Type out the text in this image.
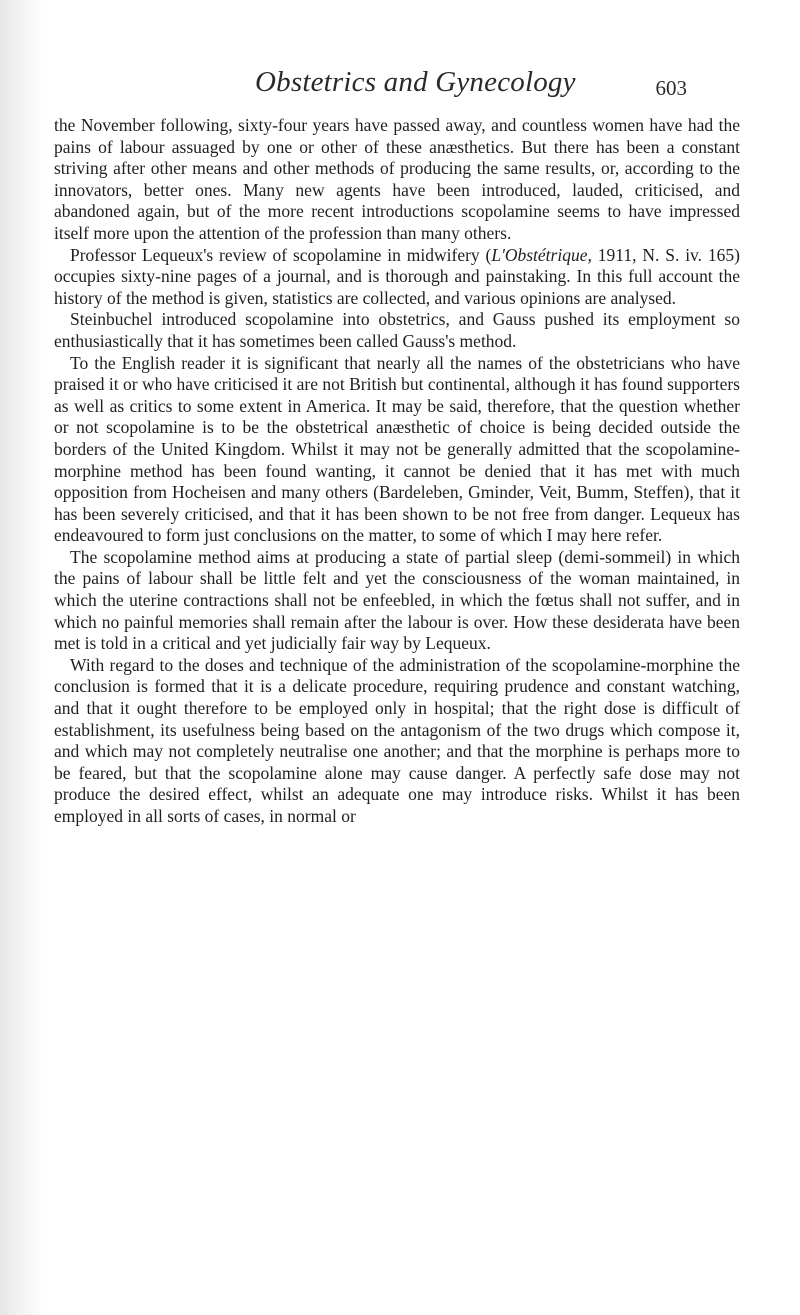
Obstetrics and Gynecology	603

the November following, sixty-four years have passed away, and countless women have had the pains of labour assuaged by one or other of these anæsthetics. But there has been a constant striving after other means and other methods of producing the same results, or, according to the innovators, better ones. Many new agents have been introduced, lauded, criticised, and abandoned again, but of the more recent introductions scopolamine seems to have impressed itself more upon the attention of the profession than many others.

Professor Lequeux's review of scopolamine in midwifery (L'Obstétrique, 1911, N. S. iv. 165) occupies sixty-nine pages of a journal, and is thorough and painstaking. In this full account the history of the method is given, statistics are collected, and various opinions are analysed.

Steinbuchel introduced scopolamine into obstetrics, and Gauss pushed its employment so enthusiastically that it has sometimes been called Gauss's method.

To the English reader it is significant that nearly all the names of the obstetricians who have praised it or who have criticised it are not British but continental, although it has found supporters as well as critics to some extent in America. It may be said, therefore, that the question whether or not scopolamine is to be the obstetrical anæsthetic of choice is being decided outside the borders of the United Kingdom. Whilst it may not be generally admitted that the scopolamine-morphine method has been found wanting, it cannot be denied that it has met with much opposition from Hocheisen and many others (Bardeleben, Gminder, Veit, Bumm, Steffen), that it has been severely criticised, and that it has been shown to be not free from danger. Lequeux has endeavoured to form just conclusions on the matter, to some of which I may here refer.

The scopolamine method aims at producing a state of partial sleep (demi-sommeil) in which the pains of labour shall be little felt and yet the consciousness of the woman maintained, in which the uterine contractions shall not be enfeebled, in which the fœtus shall not suffer, and in which no painful memories shall remain after the labour is over. How these desiderata have been met is told in a critical and yet judicially fair way by Lequeux.

With regard to the doses and technique of the administration of the scopolamine-morphine the conclusion is formed that it is a delicate procedure, requiring prudence and constant watching, and that it ought therefore to be employed only in hospital; that the right dose is difficult of establishment, its usefulness being based on the antagonism of the two drugs which compose it, and which may not completely neutralise one another; and that the morphine is perhaps more to be feared, but that the scopolamine alone may cause danger. A perfectly safe dose may not produce the desired effect, whilst an adequate one may introduce risks. Whilst it has been employed in all sorts of cases, in normal or
